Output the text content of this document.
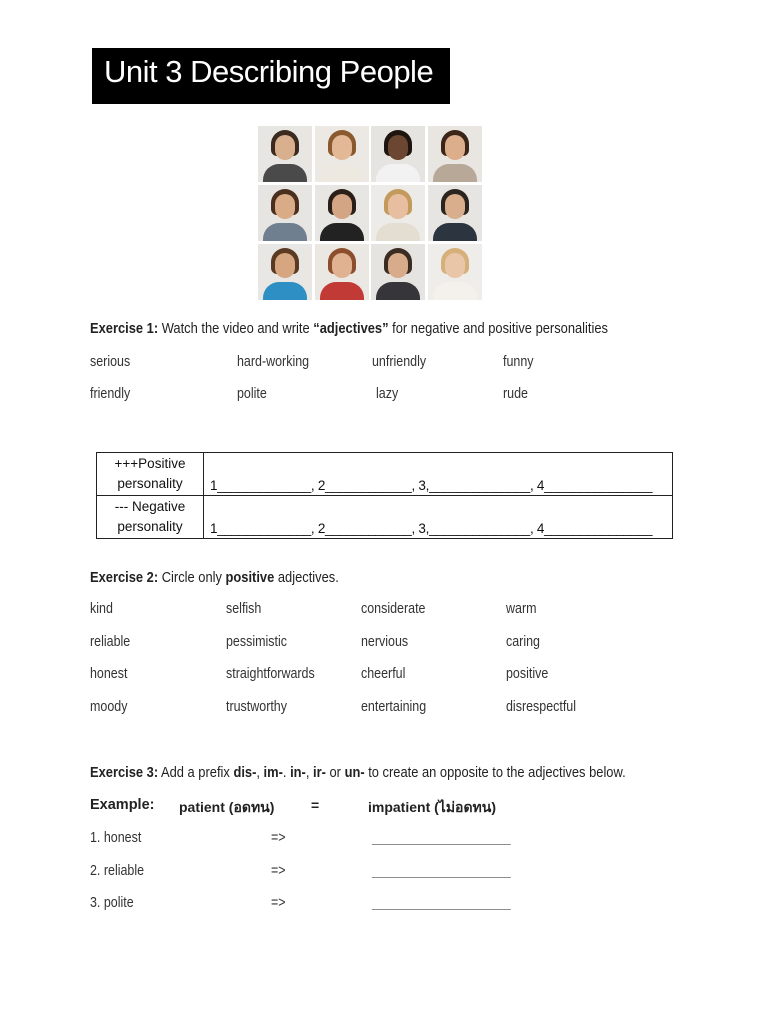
Unit 3 Describing People
Exercise 1: Watch the video and write “adjectives” for negative and positive personalities
serious	hard-working	unfriendly	funny
friendly	polite	lazy	rude
+++Positive
personality	1_____________, 2____________, 3,______________, 4_______________

--- Negative
personality	1_____________, 2____________, 3,______________, 4_______________
Exercise 2: Circle only positive adjectives.
kind	selfish	considerate	warm
reliable	pessimistic	nervious	caring
honest	straightforwards	cheerful	positive
moody	trustworthy	entertaining	disrespectful
Exercise 3: Add a prefix dis-, im-. in-, ir- or un- to create an opposite to the adjectives below.
Example: patient (อดทน)	=	impatient (ไม่อดทน)
1. honest	=>	____________________
2. reliable	=>	____________________
3. polite	=>	____________________
